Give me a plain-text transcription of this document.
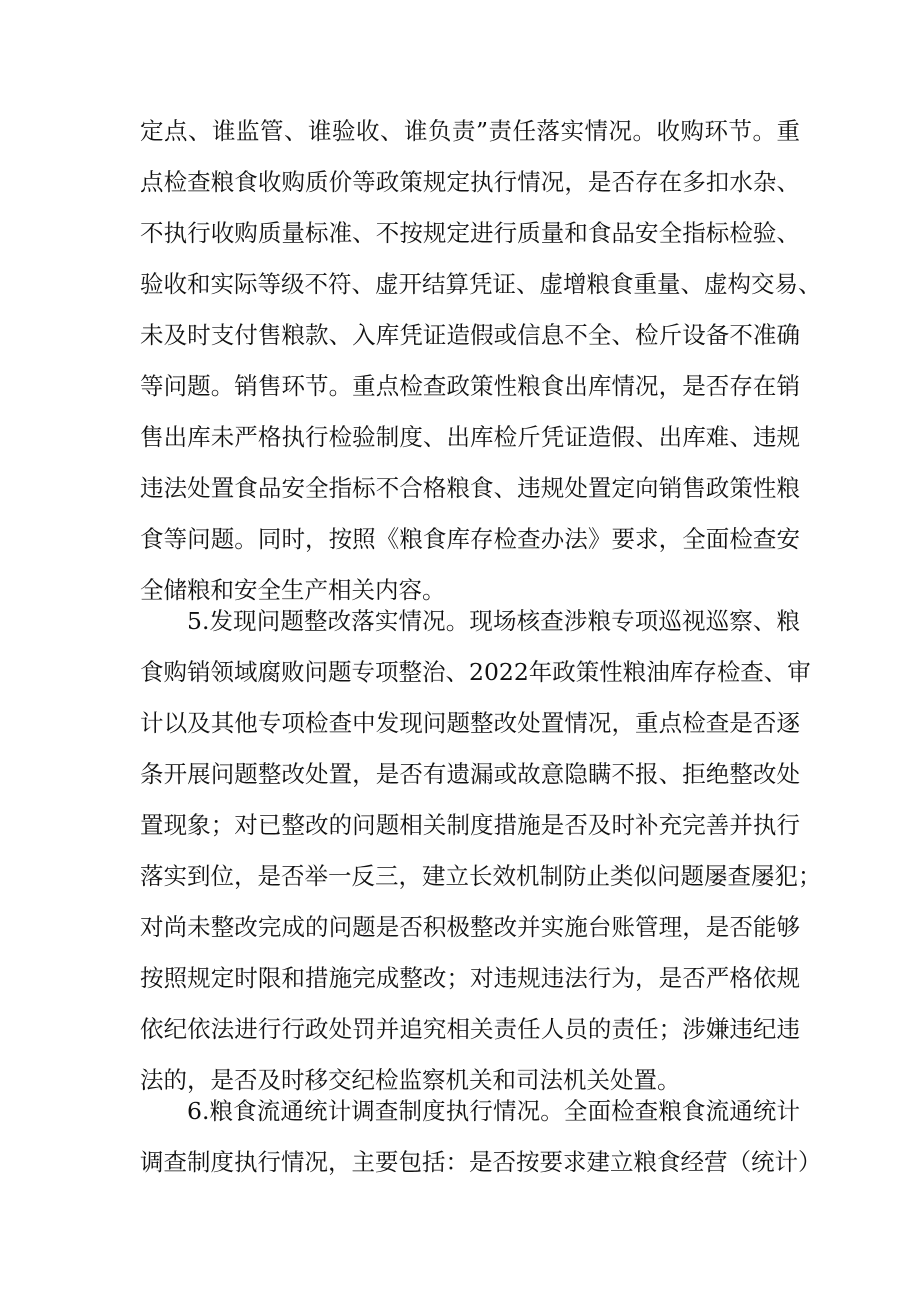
定点、谁监管、谁验收、谁负责”责任落实情况。收购环节。重
点检查粮食收购质价等政策规定执行情况，是否存在多扣水杂、
不执行收购质量标准、不按规定进行质量和食品安全指标检验、
验收和实际等级不符、虚开结算凭证、虚增粮食重量、虚构交易、
未及时支付售粮款、入库凭证造假或信息不全、检斤设备不准确
等问题。销售环节。重点检查政策性粮食出库情况，是否存在销
售出库未严格执行检验制度、出库检斤凭证造假、出库难、违规
违法处置食品安全指标不合格粮食、违规处置定向销售政策性粮
食等问题。同时，按照《粮食库存检查办法》要求，全面检查安
全储粮和安全生产相关内容。
5.发现问题整改落实情况。现场核查涉粮专项巡视巡察、粮
食购销领域腐败问题专项整治、2022年政策性粮油库存检查、审
计以及其他专项检查中发现问题整改处置情况，重点检查是否逐
条开展问题整改处置，是否有遗漏或故意隐瞒不报、拒绝整改处
置现象；对已整改的问题相关制度措施是否及时补充完善并执行
落实到位，是否举一反三，建立长效机制防止类似问题屡查屡犯；
对尚未整改完成的问题是否积极整改并实施台账管理，是否能够
按照规定时限和措施完成整改；对违规违法行为，是否严格依规
依纪依法进行行政处罚并追究相关责任人员的责任；涉嫌违纪违
法的，是否及时移交纪检监察机关和司法机关处置。
6.粮食流通统计调查制度执行情况。全面检查粮食流通统计
调查制度执行情况，主要包括：是否按要求建立粮食经营（统计）
